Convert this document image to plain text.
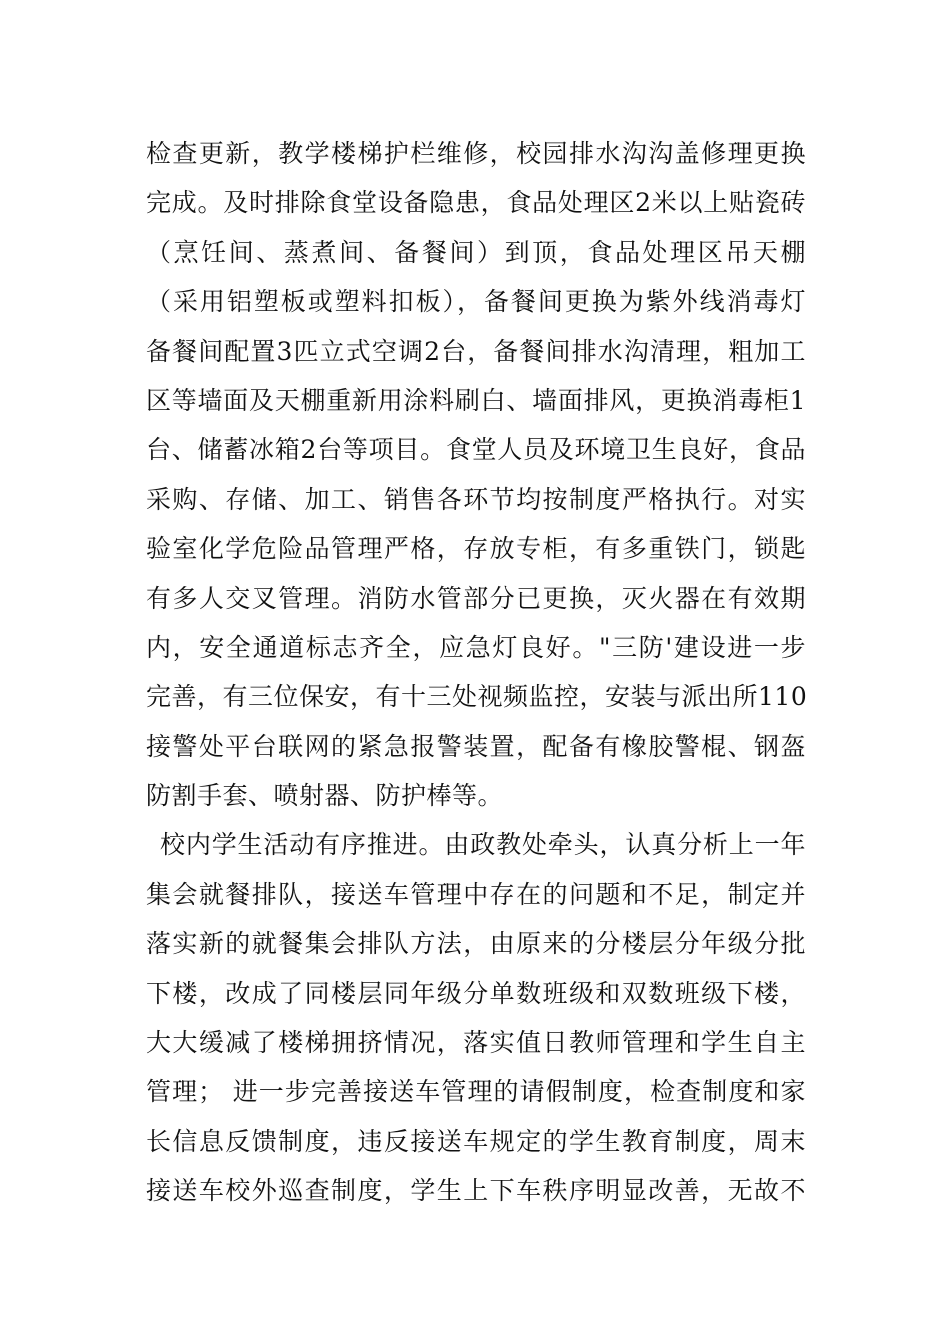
检查更新，教学楼梯护栏维修，校园排水沟沟盖修理更换
完成。及时排除食堂设备隐患，食品处理区2米以上贴瓷砖
（烹饪间、蒸煮间、备餐间）到顶，食品处理区吊天棚
（采用铝塑板或塑料扣板），备餐间更换为紫外线消毒灯
备餐间配置3匹立式空调2台，备餐间排水沟清理，粗加工
区等墙面及天棚重新用涂料刷白、墙面排风，更换消毒柜1
台、储蓄冰箱2台等项目。食堂人员及环境卫生良好，食品
采购、存储、加工、销售各环节均按制度严格执行。对实
验室化学危险品管理严格，存放专柜，有多重铁门，锁匙
有多人交叉管理。消防水管部分已更换，灭火器在有效期
内，安全通道标志齐全，应急灯良好。"三防'建设进一步
完善，有三位保安，有十三处视频监控，安装与派出所110
接警处平台联网的紧急报警装置，配备有橡胶警棍、钢盔
防割手套、喷射器、防护棒等。
校内学生活动有序推进。由政教处牵头，认真分析上一年
集会就餐排队，接送车管理中存在的问题和不足，制定并
落实新的就餐集会排队方法，由原来的分楼层分年级分批
下楼，改成了同楼层同年级分单数班级和双数班级下楼，
大大缓减了楼梯拥挤情况，落实值日教师管理和学生自主
管理； 进一步完善接送车管理的请假制度，检查制度和家
长信息反馈制度，违反接送车规定的学生教育制度，周末
接送车校外巡查制度，学生上下车秩序明显改善，无故不
